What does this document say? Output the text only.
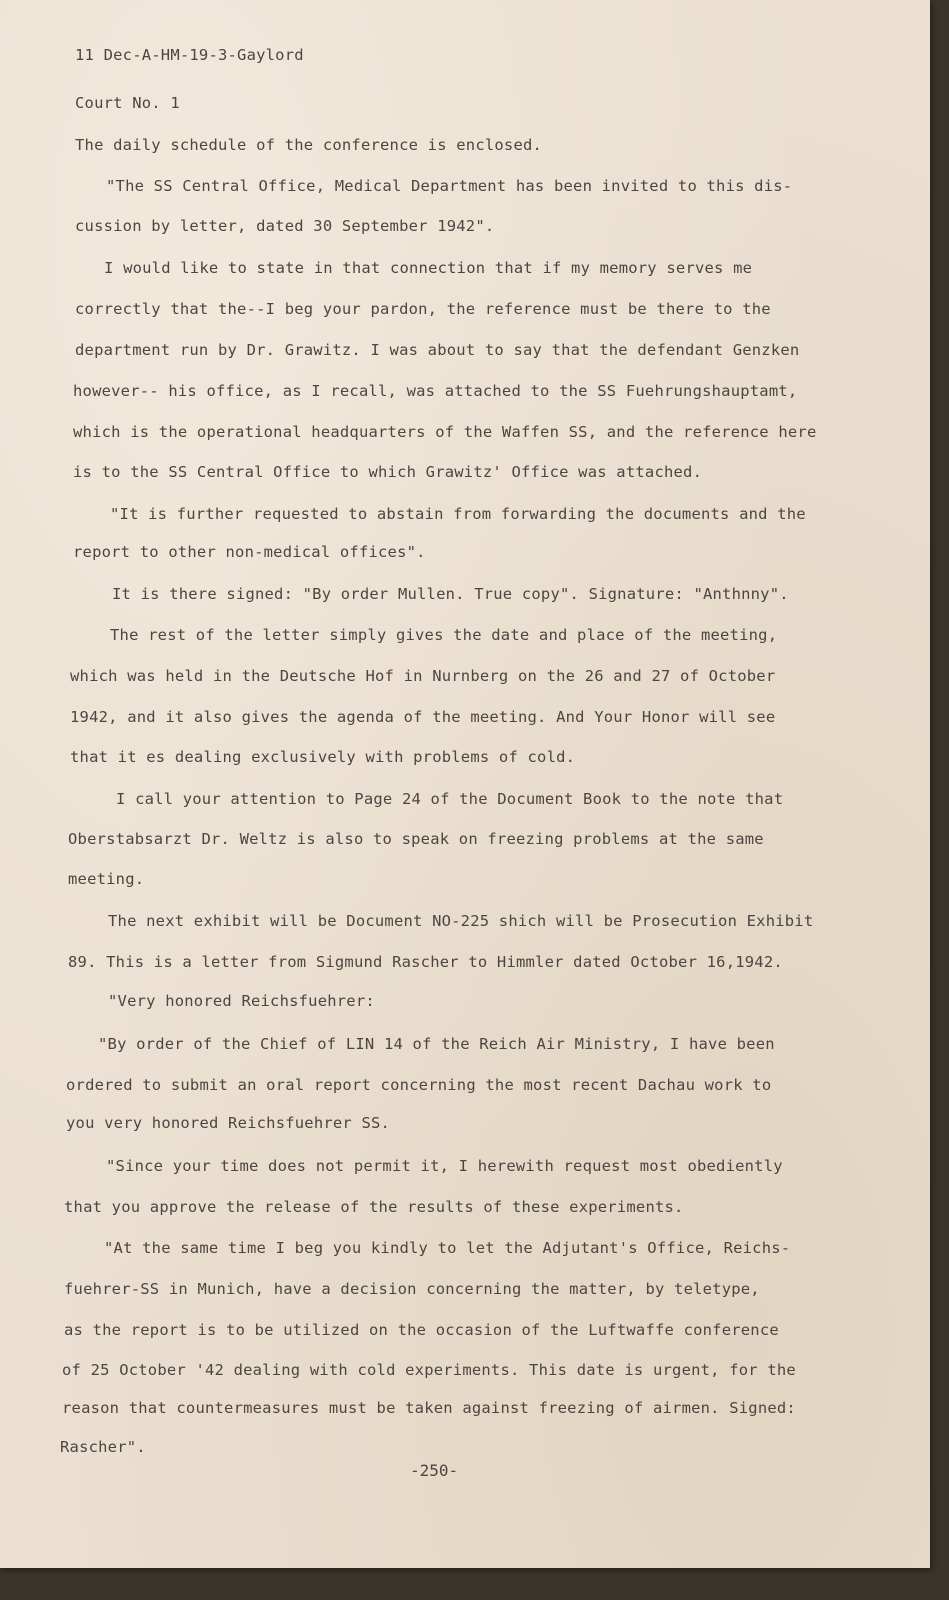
11 Dec-A-HM-19-3-Gaylord

Court No. 1

The daily schedule of the conference is enclosed.

"The SS Central Office, Medical Department has been invited to this dis-

cussion by letter, dated 30 September 1942".

I would like to state in that connection that if my memory serves me

correctly that the--I beg your pardon, the reference must be there to the

department run by Dr. Grawitz. I was about to say that the defendant Genzken

however-- his office, as I recall, was attached to the SS Fuehrungshauptamt,

which is the operational headquarters of the Waffen SS, and the reference here

is to the SS Central Office to which Grawitz' Office was attached.

"It is further requested to abstain from forwarding the documents and the

report to other non-medical offices".

It is there signed: "By order Mullen. True copy". Signature: "Anthnny".

The rest of the letter simply gives the date and place of the meeting,

which was held in the Deutsche Hof in Nurnberg on the 26 and 27 of October

1942, and it also gives the agenda of the meeting. And Your Honor will see

that it es dealing exclusively with problems of cold.

I call your attention to Page 24 of the Document Book to the note that

Oberstabsarzt Dr. Weltz is also to speak on freezing problems at the same

meeting.

The next exhibit will be Document NO-225 shich will be Prosecution Exhibit

89. This is a letter from Sigmund Rascher to Himmler dated October 16,1942.

"Very honored Reichsfuehrer:

"By order of the Chief of LIN 14 of the Reich Air Ministry, I have been

ordered to submit an oral report concerning the most recent Dachau work to

you very honored Reichsfuehrer SS.

"Since your time does not permit it, I herewith request most obediently

that you approve the release of the results of these experiments.

"At the same time I beg you kindly to let the Adjutant's Office, Reichs-

fuehrer-SS in Munich, have a decision concerning the matter, by teletype,

as the report is to be utilized on the occasion of the Luftwaffe conference

of 25 October '42 dealing with cold experiments. This date is urgent, for the

reason that countermeasures must be taken against freezing of airmen. Signed:

Rascher".

-250-
